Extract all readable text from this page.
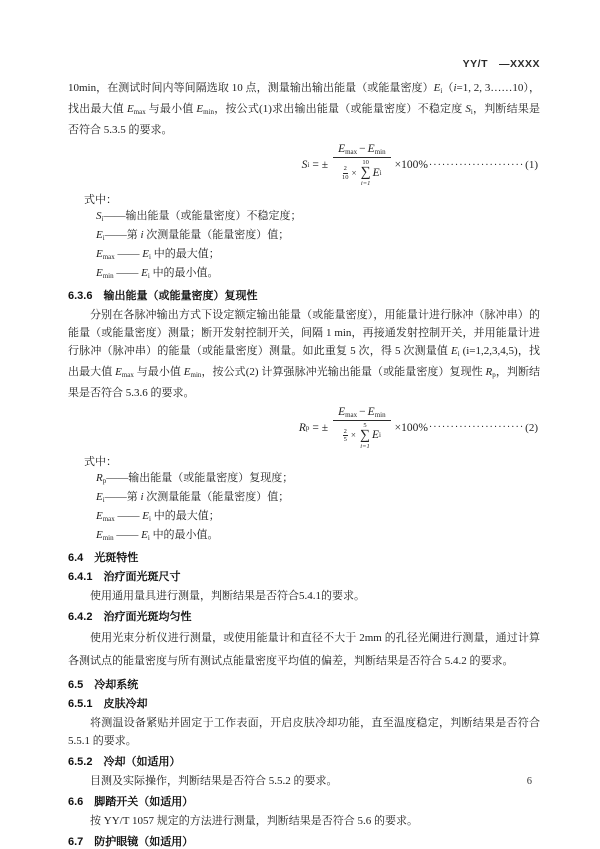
YY/T　—XXXX
10min，在测试时间内等间隔选取 10 点，测量输出输出能量（或能量密度）$E_i(i=1$, 2, 3……10），找出最大值 $E_{max}$ 与最小值 $E_{min}$，按公式(1)求出输出能量（或能量密度）不稳定度 $S_i$，判断结果是否符合 5.3.5 的要求。
S i = ±
$E_{max} - E_{min}$
$\frac{2}{10}$ ×
10
∑
i=1
E i
×100% ······················ (1)
式中：
$S_i——$输出能量（或能量密度）不稳定度；
$E_i——$第 i 次测量能量（能量密度）值；
$E_{max}$ —— $E_i$ 中的最大值；
$E_{min}$ —— $E_i$ 中的最小值。
6.3.6　输出能量（或能量密度）复现性
分别在各脉冲输出方式下设定额定输出能量（或能量密度），用能量计进行脉冲（脉冲串）的能量（或能量密度）测量；断开发射控制开关，间隔 1 min，再接通发射控制开关，并用能量计进行脉冲（脉冲串）的能量（或能量密度）测量。如此重复 5 次，得 5 次测量值 $E_i$ (i=1,2,3,4,5)，找出最大值 $E_{max}$ 与最小值 $E_{min}$，按公式(2) 计算强脉冲光输出能量（或能量密度）复现性 $R_p$，判断结果是否符合 5.3.6 的要求。
R p = ±
$E_{max} - E_{min}$
$\frac{2}{5}$ ×
5
∑
i=1
E i
×100% ······················ (2)
式中：
$R_p——$输出能量（或能量密度）复现度；
$E_i——$第 i 次测量能量（能量密度）值；
$E_{max}$ —— $E_i$ 中的最大值；
$E_{min}$ —— $E_i$ 中的最小值。
6.4　光斑特性
6.4.1　治疗面光斑尺寸
使用通用量具进行测量，判断结果是否符合5.4.1的要求。
6.4.2　治疗面光斑均匀性
使用光束分析仪进行测量，或使用能量计和直径不大于 2mm 的孔径光阑进行测量，通过计算各测试点的能量密度与所有测试点能量密度平均值的偏差，判断结果是否符合 5.4.2 的要求。
6.5　冷却系统
6.5.1　皮肤冷却
将测温设备紧贴并固定于工作表面，开启皮肤冷却功能，直至温度稳定，判断结果是否符合 5.5.1 的要求。
6.5.2　冷却（如适用）
目测及实际操作，判断结果是否符合 5.5.2 的要求。
6.6　脚踏开关（如适用）
按 YY/T 1057 规定的方法进行测量，判断结果是否符合 5.6 的要求。
6.7　防护眼镜（如适用）
6
